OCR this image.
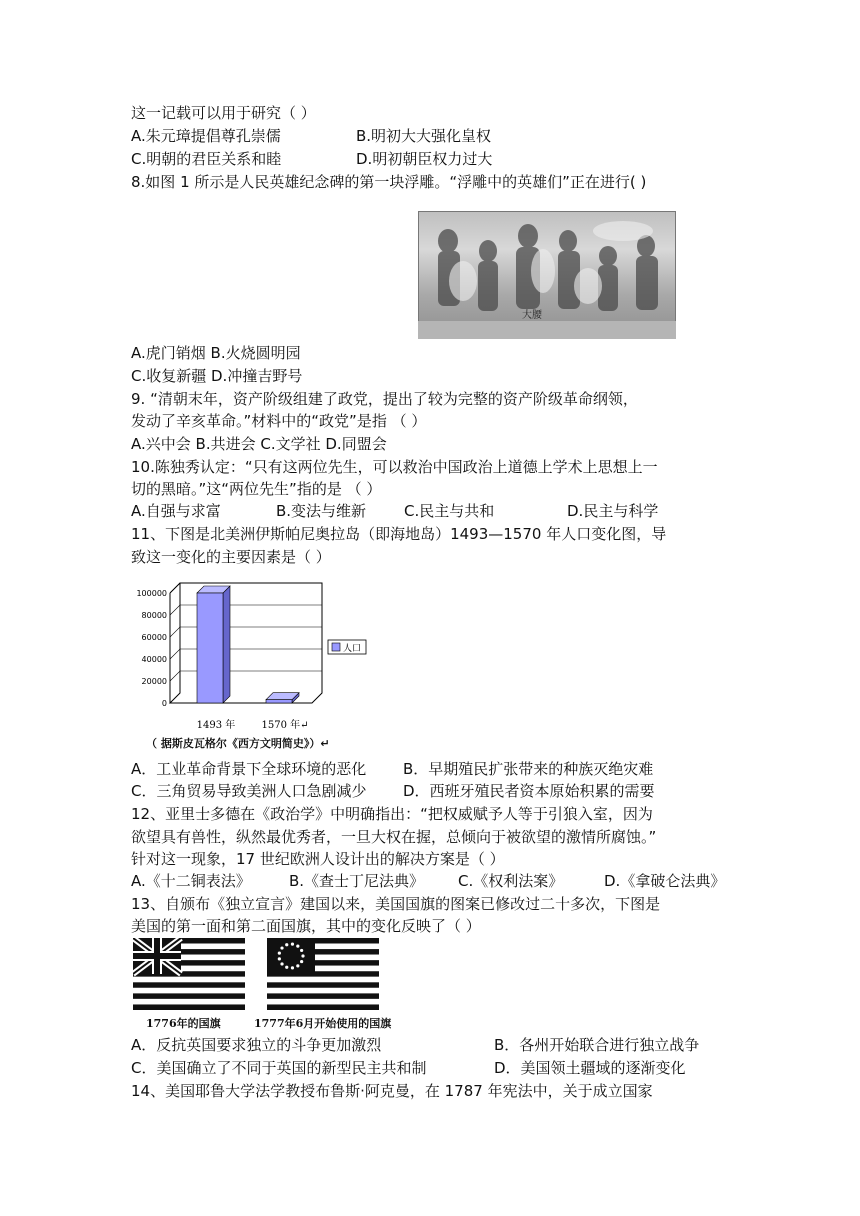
这一记载可以用于研究（ ）
A.朱元璋提倡尊孔崇儒	B.明初大大强化皇权
C.明朝的君臣关系和睦	D.明初朝臣权力过大
8.如图 1 所示是人民英雄纪念碑的第一块浮雕。“浮雕中的英雄们”正在进行( )
大腰
A.虎门销烟 B.火烧圆明园
C.收复新疆 D.冲撞吉野号
9. “清朝末年，资产阶级组建了政党，提出了较为完整的资产阶级革命纲领，
发动了辛亥革命。”材料中的“政党”是指 （ ）
A.兴中会 B.共进会 C.文学社 D.同盟会
10.陈独秀认定：“只有这两位先生，可以救治中国政治上道德上学术上思想上一
切的黑暗。”这“两位先生”指的是 （ ）
A.自强与求富	B.变法与维新	C.民主与共和	D.民主与科学
11、下图是北美洲伊斯帕尼奥拉岛（即海地岛）1493—1570 年人口变化图，导
致这一变化的主要因素是（ ）
100000
80000
60000
40000
20000
0
1493 年	1570 年↵
人口
（ 据斯皮瓦格尔《西方文明简史》）↵
A．工业革命背景下全球环境的恶化 B．早期殖民扩张带来的种族灭绝灾难
C．三角贸易导致美洲人口急剧减少 D．西班牙殖民者资本原始积累的需要
12、亚里士多德在《政治学》中明确指出：“把权威赋予人等于引狼入室，因为
欲望具有兽性，纵然最优秀者，一旦大权在握，总倾向于被欲望的激情所腐蚀。”
针对这一现象，17 世纪欧洲人设计出的解决方案是（ ）
A.《十二铜表法》	B.《查士丁尼法典》 C.《权利法案》	D.《拿破仑法典》
13、自颁布《独立宣言》建国以来，美国国旗的图案已修改过二十多次，下图是
美国的第一面和第二面国旗，其中的变化反映了（ ）
1776年的国旗	1777年6月开始使用的国旗
A．反抗英国要求独立的斗争更加激烈	B．各州开始联合进行独立战争
C．美国确立了不同于英国的新型民主共和制	D．美国领土疆域的逐渐变化
14、美国耶鲁大学法学教授布鲁斯·阿克曼，在 1787 年宪法中，关于成立国家
